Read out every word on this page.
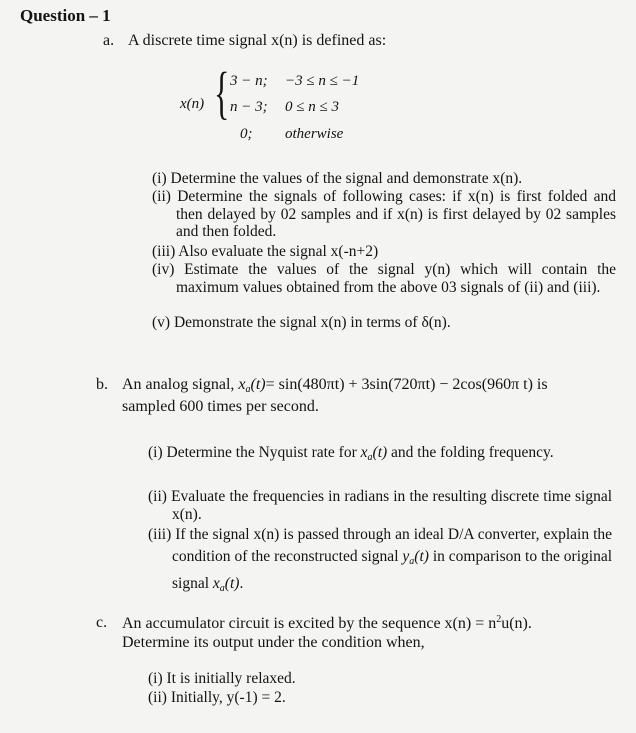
Question – 1
a. A discrete time signal x(n) is defined as:
x(n) { 3 − n; −3 ≤ n ≤ −1
n − 3; 0 ≤ n ≤ 3
0; otherwise
(i) Determine the values of the signal and demonstrate x(n).
(ii) Determine the signals of following cases: if x(n) is first folded and then delayed by 02 samples and if x(n) is first delayed by 02 samples and then folded.
(iii) Also evaluate the signal x(-n+2)
(iv) Estimate the values of the signal y(n) which will contain the maximum values obtained from the above 03 signals of (ii) and (iii).
(v) Demonstrate the signal x(n) in terms of δ(n).
b. An analog signal, $x_a(t)= \sin(480\pi t) + 3\sin(720\pi t) - 2\cos(960\pi$ t) is
sampled 600 times per second.
(i) Determine the Nyquist rate for $x_a(t)$ and the folding frequency.
(ii) Evaluate the frequencies in radians in the resulting discrete time signal x(n).
(iii) If the signal x(n) is passed through an ideal D/A converter, explain the condition of the reconstructed signal $y_a(t)$ in comparison to the original signal $x_a(t)$.
c. An accumulator circuit is excited by the sequence $x(n) = n^2u(n)$.
Determine its output under the condition when,
(i) It is initially relaxed.
(ii) Initially, y(-1) = 2.
